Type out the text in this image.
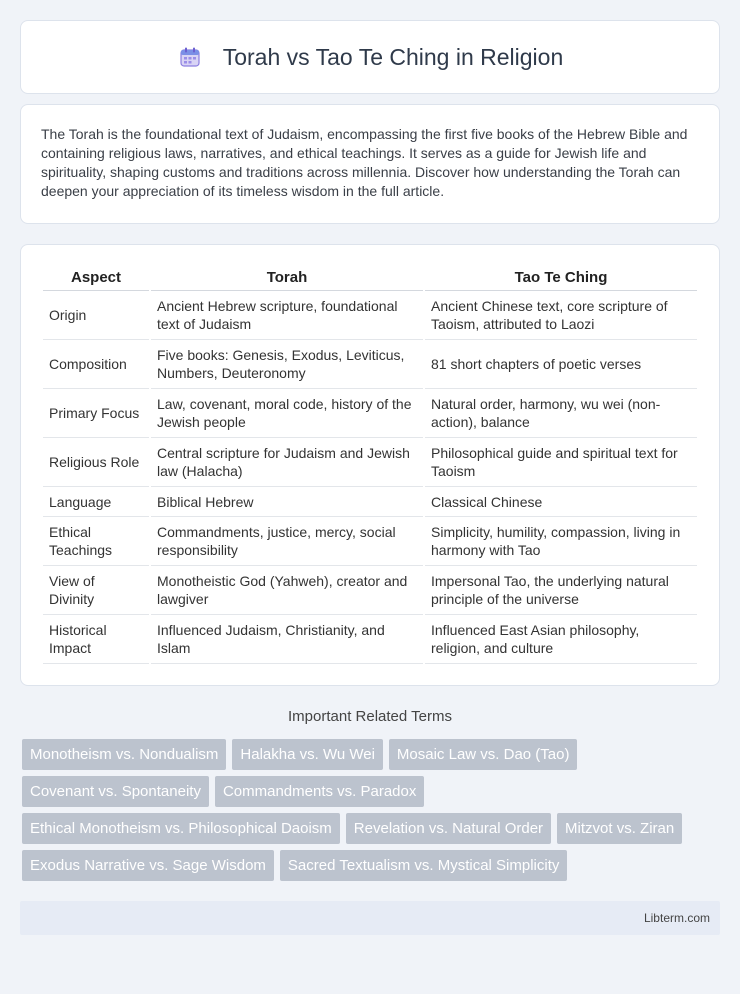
Torah vs Tao Te Ching in Religion

The Torah is the foundational text of Judaism, encompassing the first five books of the Hebrew Bible and containing religious laws, narratives, and ethical teachings. It serves as a guide for Jewish life and spirituality, shaping customs and traditions across millennia. Discover how understanding the Torah can deepen your appreciation of its timeless wisdom in the full article.

Aspect	Torah	Tao Te Ching
Origin	Ancient Hebrew scripture, foundational text of Judaism	Ancient Chinese text, core scripture of Taoism, attributed to Laozi
Composition	Five books: Genesis, Exodus, Leviticus, Numbers, Deuteronomy	81 short chapters of poetic verses
Primary Focus	Law, covenant, moral code, history of the Jewish people	Natural order, harmony, wu wei (non-action), balance
Religious Role	Central scripture for Judaism and Jewish law (Halacha)	Philosophical guide and spiritual text for Taoism
Language	Biblical Hebrew	Classical Chinese
Ethical Teachings	Commandments, justice, mercy, social responsibility	Simplicity, humility, compassion, living in harmony with Tao
View of Divinity	Monotheistic God (Yahweh), creator and lawgiver	Impersonal Tao, the underlying natural principle of the universe
Historical Impact	Influenced Judaism, Christianity, and Islam	Influenced East Asian philosophy, religion, and culture
Important Related Terms
Monotheism vs. Nondualism	Halakha vs. Wu Wei	Mosaic Law vs. Dao (Tao)
Covenant vs. Spontaneity	Commandments vs. Paradox
Ethical Monotheism vs. Philosophical Daoism	Revelation vs. Natural Order	Mitzvot vs. Ziran
Exodus Narrative vs. Sage Wisdom	Sacred Textualism vs. Mystical Simplicity
Libterm.com
